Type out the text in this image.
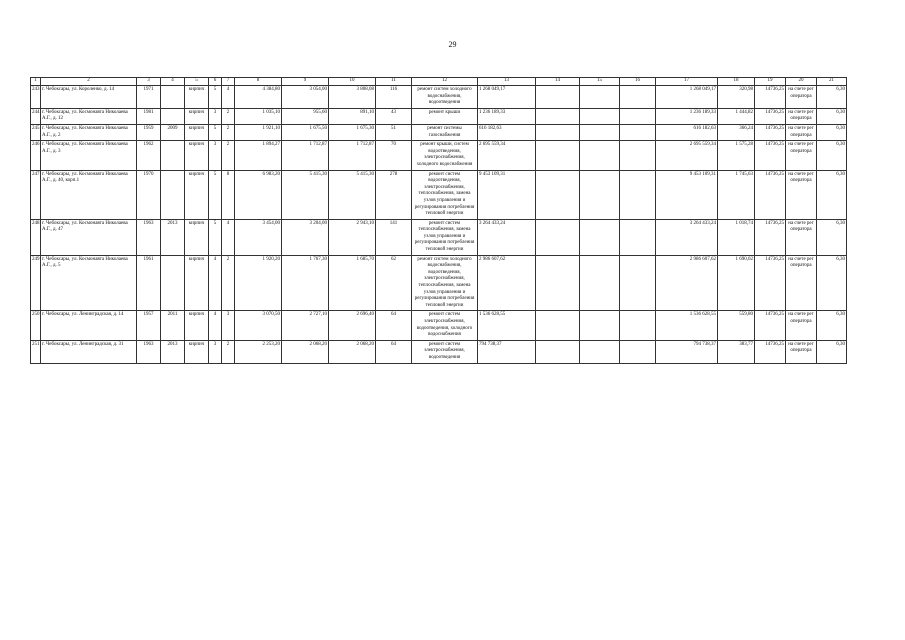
29
1	2	3	4	5	6	7	8	9	10	11	12	13	14	15	16	17	18	19	20	21
243	г. Чебоксары, ул. Короленко, д. 14	1971		кирпич	5	4	4 384,80	3 054,00	3 808,08	116	ремонт систем холодного водоснабжения, водоотведения	1 268 049,17				1 268 049,17	320,98	14736,25	на счете рег оператора	6,30
244	г. Чебоксары, ул. Космонавта Николаева А.Г., д. 12	1981		кирпич	3	2	1 035,10	955,60	891,10	43	ремонт крыши	1 236 189,33				1 236 189,33	1 444,82	14736,25	на счете рег оператора	6,30
245	г. Чебоксары, ул. Космонавта Николаева А.Г., д. 2	1959	2009	кирпич	5	2	1 921,10	1 675,50	1 675,30	51	ремонт системы газоснабжения	616 182,63				616 182,63	366,24	14736,25	на счете рег оператора	6,30
246	г. Чебоксары, ул. Космонавта Николаева А.Г., д. 3	1962		кирпич	3	2	1 894,27	1 712,87	1 712,87	70	ремонт крыши, систем водоотведения, электроснабжения, холодного водоснабжения	2 695 559,34				2 695 559,34	1 575,28	14736,25	на счете рег оператора	6,30
247	г. Чебоксары, ул. Космонавта Николаева А.Г., д. 40, корп.1	1970		кирпич	5	8	6 983,20	5 415,30	5 415,30	278	ремонт систем водоотведения, электроснабжения, теплоснабжения, замена узлов управления и регулирования потребления тепловой энергии	9 453 109,31				9 453 109,31	1 745,63	14736,25	на счете рег оператора	6,30
248	г. Чебоксары, ул. Космонавта Николаева А.Г., д. 47	1963	2013	кирпич	5	4	3 454,00	3 204,00	2 943,10	141	ремонт систем теплоснабжения, замена узлов управления и регулирования потребления тепловой энергии	3 264 433,24				3 264 433,24	1 018,74	14736,25	на счете рег оператора	6,30
249	г. Чебоксары, ул. Космонавта Николаева А.Г., д. 5	1961		кирпич	4	2	1 920,20	1 767,30	1 685,70	62	ремонт систем холодного водоснабжения, водоотведения, электроснабжения, теплоснабжения, замена узлов управления и регулирования потребления тепловой энергии	2 986 607,62				2 986 607,62	1 690,02	14736,25	на счете рег оператора	6,30
250	г. Чебоксары, ул. Ленинградская, д. 14	1957	2011	кирпич	4	3	3 070,50	2 727,10	2 696,40	64	ремонт систем электроснабжения, водоотведения, холодного водоснабжения	1 536 628,55				1 536 628,55	559,80	14736,25	на счете рег оператора	6,30
251	г. Чебоксары, ул. Ленинградская, д. 31	1963	2013	кирпич	3	2	2 253,20	2 068,20	2 068,20	64	ремонт систем электроснабжения, водоотведения	794 738,37				794 738,37	383,77	14736,25	на счете рег оператора	6,30
